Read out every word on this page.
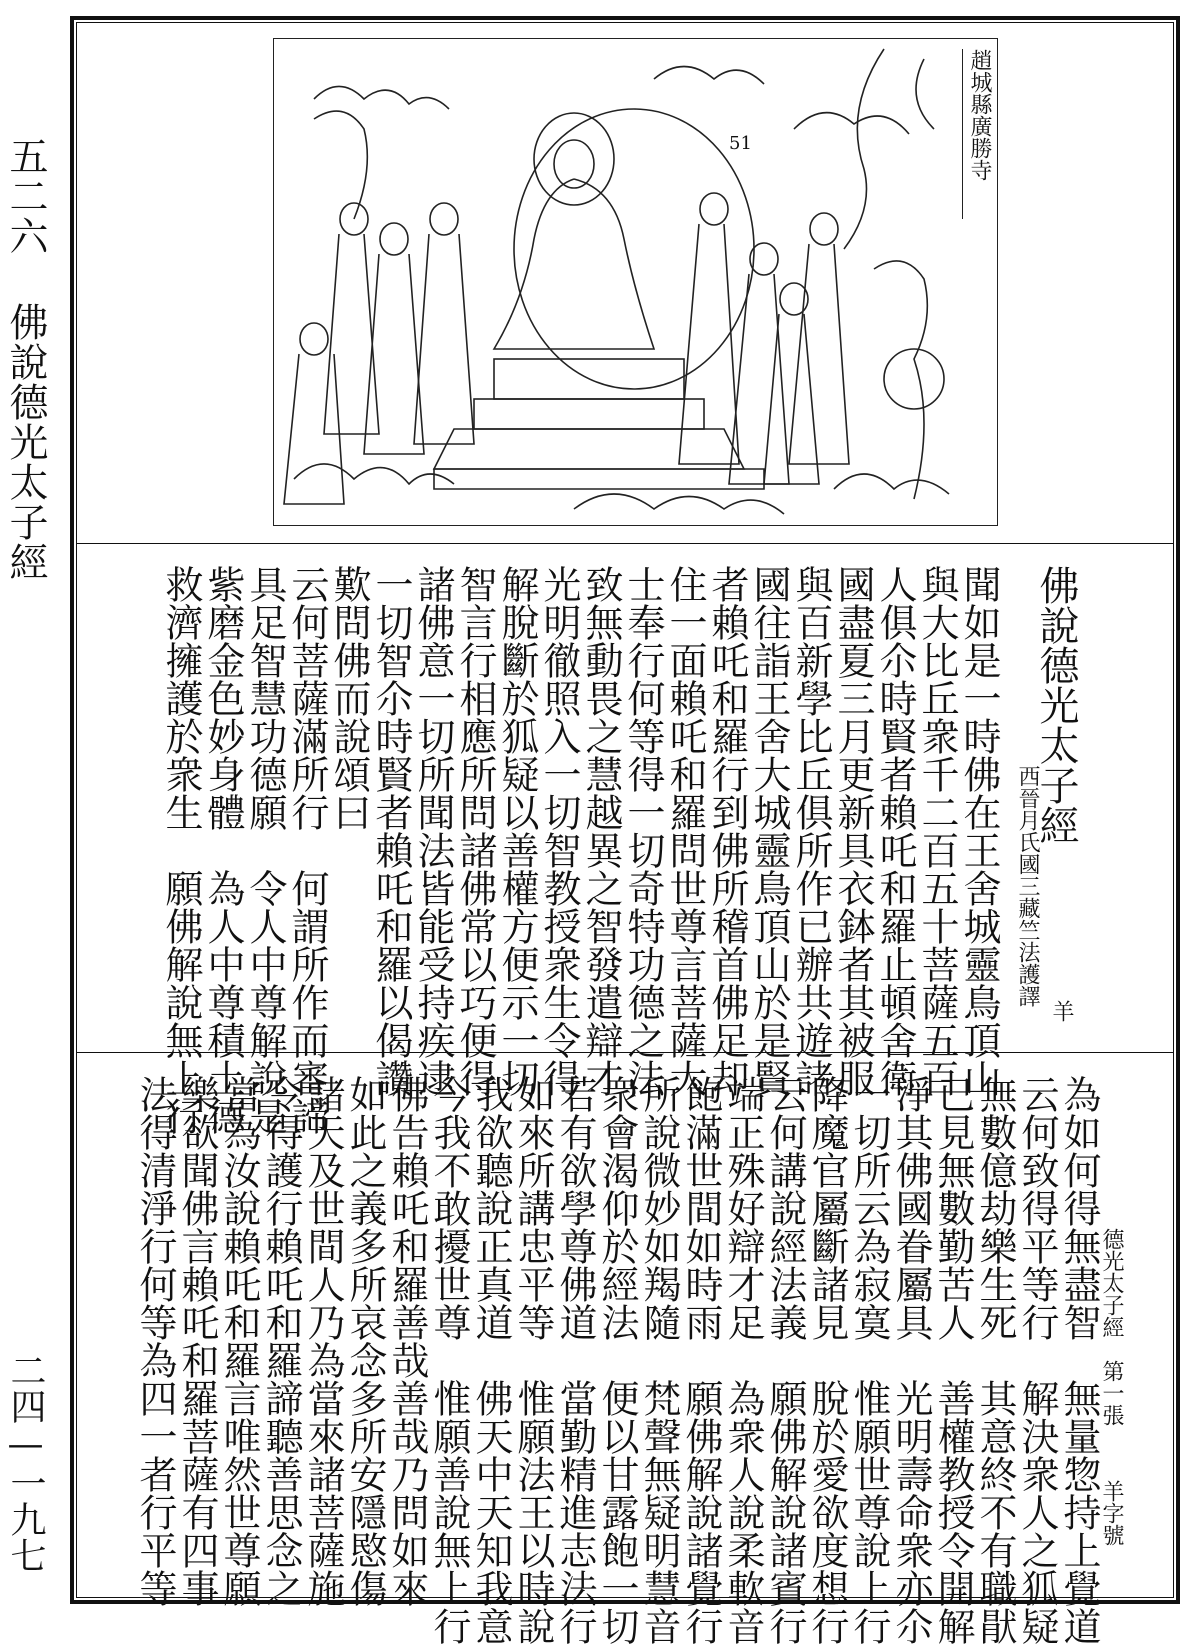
五二六 佛說德光太子經
二四—一九七
趙城縣廣勝寺
51
佛說德光太子經
西晉月氏國三藏竺法護譯
羊
聞如是一時佛在王舍城靈鳥頂山
與大比丘衆千二百五十菩薩五百
人俱尒時賢者賴吒和羅止頓舍衛
國盡夏三月更新具衣鉢者其被服
與百新學比丘俱所作已辦共遊諸
國往詣王舍大城靈鳥頂山於是賢
者賴吒和羅行到佛所稽首佛足却
住一面賴吒和羅問世尊言菩薩大
士奉行何等得一切奇特功德之法
致無動畏之慧越異之智發遣辯才
光明徹照入一切智教授衆生令得
解脫斷於狐疑以善權方便示一切
智言行相應所問諸佛常以巧便得
諸佛意一切所聞法皆能受持疾逮
一切智尒時賢者賴吒和羅以偈讚
歎問佛而說頌曰
云何菩薩滿所行　何謂所作而審諦
具足智慧功德願　令人中尊解說是
紫磨金色妙身體　為人中尊積土德
救濟擁護於衆生　願佛解說無上行
德光太子經
第一張
羊字號
為如何得無盡智　無量惣持上覺道
云何致得平等行　解決衆人之狐疑
無數億劫樂生死　其意終不有職猒
已見無數勤苦人　善權教授令開解
淨其佛國眷屬具　光明壽命衆亦尒
一切所云為寂寞　惟願世尊說上行
降魔官屬斷諸見　脫於愛欲度想行
云何講說經法義　願佛解說諸賓行
端正殊好辯才足　為衆人說柔軟音
飽滿世間如時雨　願佛解說諸覺行
所說微妙如羯隨　梵聲無疑明慧音
衆會渴仰於經法　便以甘露飽一切
若有欲學尊佛道　當勤精進志法行
如來所講忠平等　惟願法王以時說
我欲聽說正真道　佛天中天知我意
今我不敢擾世尊　惟願善說無上行
佛告賴吒和羅善哉善哉乃問如來
如此之義多所哀念多所安隱愍傷
諸天及世間人乃為當來諸菩薩施
令得護行賴吒和羅諦聽善思念之
當為汝說賴吒和羅言唯然世尊願
樂欲聞佛言賴吒和羅菩薩有四事
法得清淨行何等為四一者行平等
